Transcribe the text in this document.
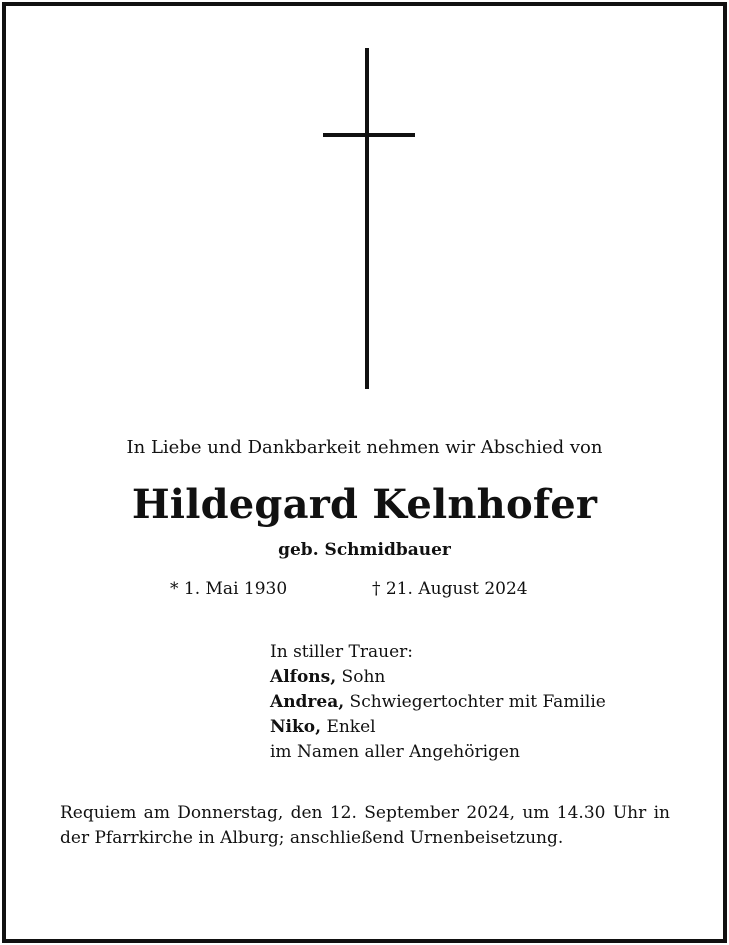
In Liebe und Dankbarkeit nehmen wir Abschied von
Hildegard Kelnhofer
geb. Schmidbauer
* 1. Mai 1930	† 21. August 2024
In stiller Trauer:
Alfons, Sohn
Andrea, Schwiegertochter mit Familie
Niko, Enkel
im Namen aller Angehörigen
Requiem am Donnerstag, den 12. September 2024, um 14.30 Uhr in der Pfarrkirche in Alburg; anschließend Urnenbeisetzung.
